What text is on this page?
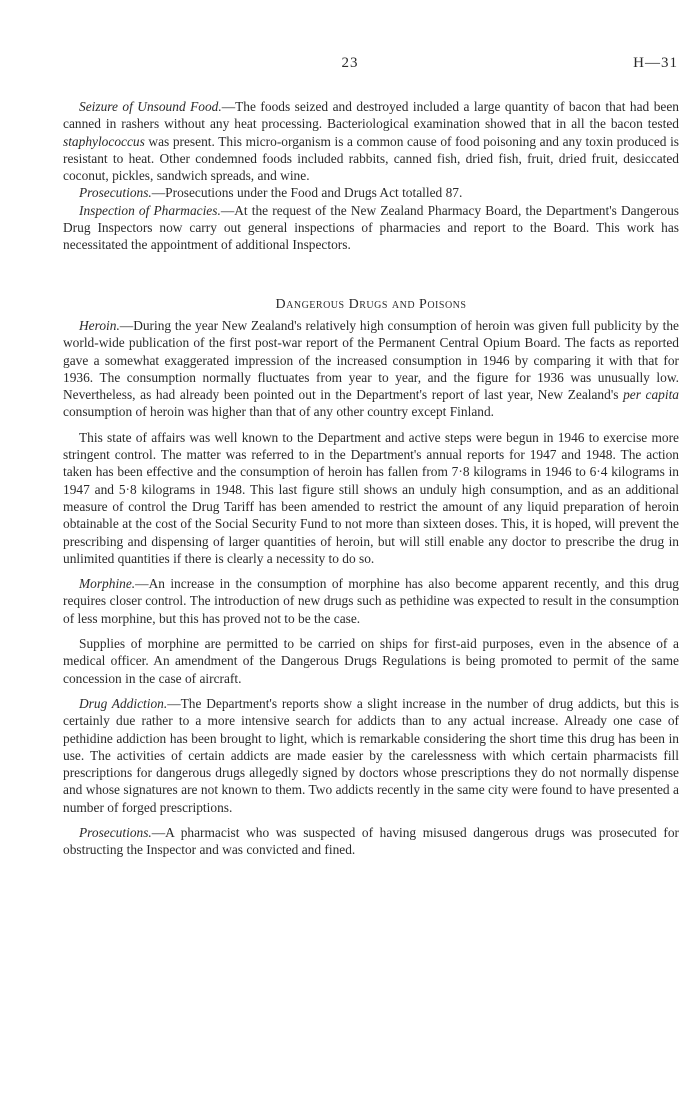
23	H—31

Seizure of Unsound Food.—The foods seized and destroyed included a large quantity of bacon that had been canned in rashers without any heat processing. Bacteriological examination showed that in all the bacon tested staphylococcus was present. This micro-organism is a common cause of food poisoning and any toxin produced is resistant to heat. Other condemned foods included rabbits, canned fish, dried fish, fruit, dried fruit, desiccated coconut, pickles, sandwich spreads, and wine.

Prosecutions.—Prosecutions under the Food and Drugs Act totalled 87.

Inspection of Pharmacies.—At the request of the New Zealand Pharmacy Board, the Department's Dangerous Drug Inspectors now carry out general inspections of pharmacies and report to the Board. This work has necessitated the appointment of additional Inspectors.

Dangerous Drugs and Poisons

Heroin.—During the year New Zealand's relatively high consumption of heroin was given full publicity by the world-wide publication of the first post-war report of the Permanent Central Opium Board. The facts as reported gave a somewhat exaggerated impression of the increased consumption in 1946 by comparing it with that for 1936. The consumption normally fluctuates from year to year, and the figure for 1936 was unusually low. Nevertheless, as had already been pointed out in the Department's report of last year, New Zealand's per capita consumption of heroin was higher than that of any other country except Finland.

This state of affairs was well known to the Department and active steps were begun in 1946 to exercise more stringent control. The matter was referred to in the Department's annual reports for 1947 and 1948. The action taken has been effective and the consumption of heroin has fallen from 7·8 kilograms in 1946 to 6·4 kilograms in 1947 and 5·8 kilograms in 1948. This last figure still shows an unduly high consumption, and as an additional measure of control the Drug Tariff has been amended to restrict the amount of any liquid preparation of heroin obtainable at the cost of the Social Security Fund to not more than sixteen doses. This, it is hoped, will prevent the prescribing and dispensing of larger quantities of heroin, but will still enable any doctor to prescribe the drug in unlimited quantities if there is clearly a necessity to do so.

Morphine.—An increase in the consumption of morphine has also become apparent recently, and this drug requires closer control. The introduction of new drugs such as pethidine was expected to result in the consumption of less morphine, but this has proved not to be the case.

Supplies of morphine are permitted to be carried on ships for first-aid purposes, even in the absence of a medical officer. An amendment of the Dangerous Drugs Regulations is being promoted to permit of the same concession in the case of aircraft.

Drug Addiction.—The Department's reports show a slight increase in the number of drug addicts, but this is certainly due rather to a more intensive search for addicts than to any actual increase. Already one case of pethidine addiction has been brought to light, which is remarkable considering the short time this drug has been in use. The activities of certain addicts are made easier by the carelessness with which certain pharmacists fill prescriptions for dangerous drugs allegedly signed by doctors whose prescriptions they do not normally dispense and whose signatures are not known to them. Two addicts recently in the same city were found to have presented a number of forged prescriptions.

Prosecutions.—A pharmacist who was suspected of having misused dangerous drugs was prosecuted for obstructing the Inspector and was convicted and fined.
